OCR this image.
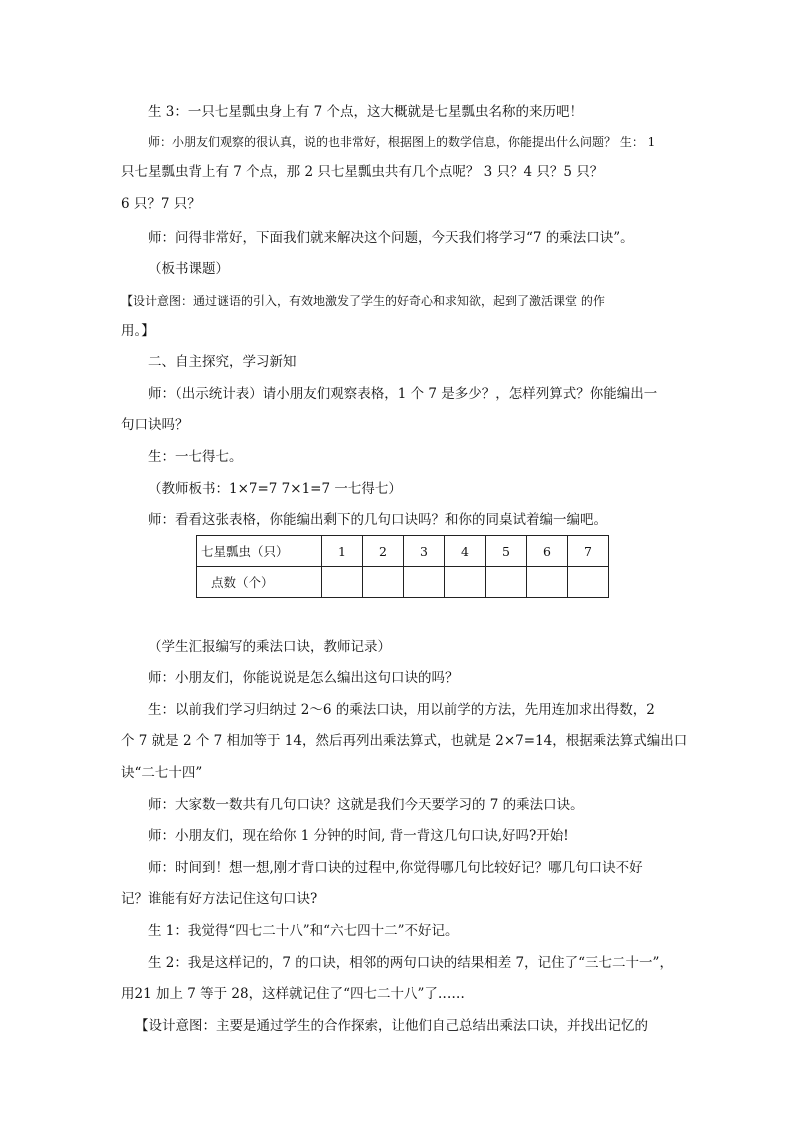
生 3：一只七星瓢虫身上有 7 个点，这大概就是七星瓢虫名称的来历吧！

师：小朋友们观察的很认真，说的也非常好，根据图上的数学信息，你能提出什么问题？ 生： 1

只七星瓢虫背上有 7 个点，那 2 只七星瓢虫共有几个点呢？ 3 只？4 只？5 只？

6 只？7 只？

师：问得非常好，下面我们就来解决这个问题，今天我们将学习“7 的乘法口诀”。

（板书课题）

【设计意图：通过谜语的引入，有效地激发了学生的好奇心和求知欲，起到了激活课堂 的作

用。】

二、自主探究，学习新知

师：（出示统计表）请小朋友们观察表格，1 个 7 是多少？，怎样列算式？你能编出一

句口诀吗？

生：一七得七。

（教师板书：1×7=7 7×1=7 一七得七）

师：看看这张表格，你能编出剩下的几句口诀吗？和你的同桌试着编一编吧。

七星瓢虫（只）	1	2	3	4	5	6	7
点数（个）							

（学生汇报编写的乘法口诀，教师记录）

师：小朋友们，你能说说是怎么编出这句口诀的吗？

生：以前我们学习归纳过 2～6 的乘法口诀，用以前学的方法，先用连加求出得数，2

个 7 就是 2 个 7 相加等于 14，然后再列出乘法算式，也就是 2×7=14，根据乘法算式编出口

诀“二七十四”

师：大家数一数共有几句口诀？这就是我们今天要学习的 7 的乘法口诀。

师：小朋友们，现在给你 1 分钟的时间, 背一背这几句口诀,好吗?开始!

师：时间到！想一想,刚才背口诀的过程中,你觉得哪几句比较好记？哪几句口诀不好

记？谁能有好方法记住这句口诀?

生 1：我觉得“四七二十八”和“六七四十二”不好记。

生 2：我是这样记的，7 的口诀，相邻的两句口诀的结果相差 7，记住了“三七二十一”，

用21 加上 7 等于 28，这样就记住了“四七二十八”了……

【设计意图：主要是通过学生的合作探索，让他们自己总结出乘法口诀，并找出记忆的
